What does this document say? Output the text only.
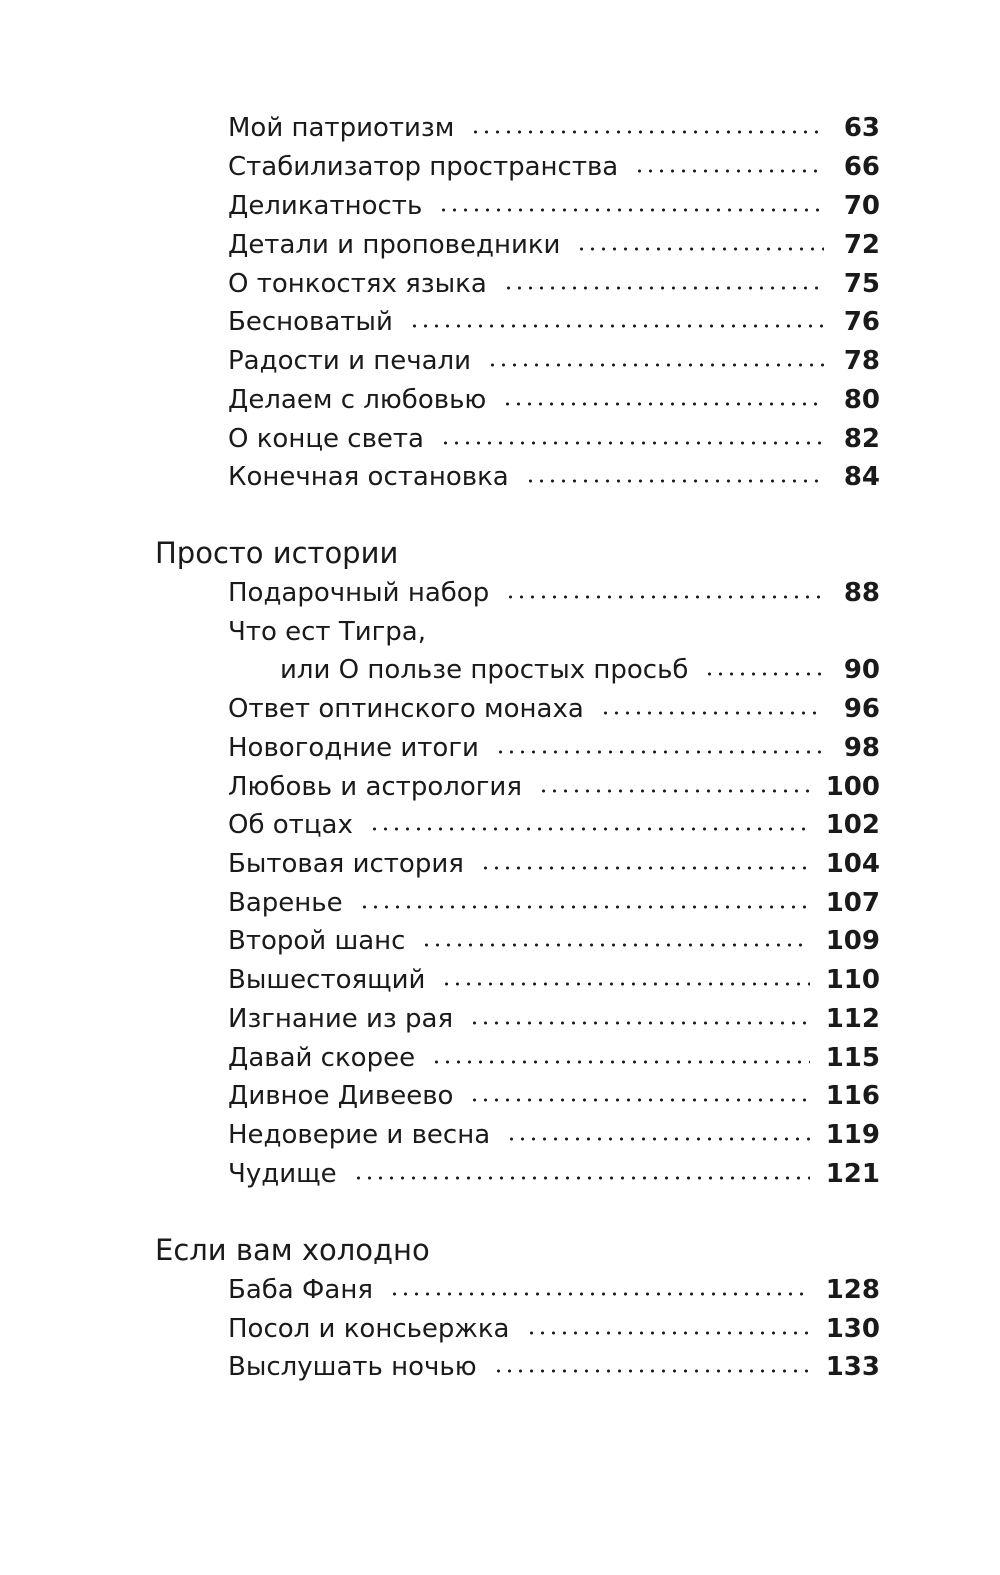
Мой патриотизм	63
Стабилизатор пространства	66
Деликатность	70
Детали и проповедники	72
О тонкостях языка	75
Бесноватый	76
Радости и печали	78
Делаем с любовью	80
О конце света	82
Конечная остановка	84
Просто истории
Подарочный набор	88
Что ест Тигра,
или О пользе простых просьб	90
Ответ оптинского монаха	96
Новогодние итоги	98
Любовь и астрология	100
Об отцах	102
Бытовая история	104
Варенье	107
Второй шанс	109
Вышестоящий	110
Изгнание из рая	112
Давай скорее	115
Дивное Дивеево	116
Недоверие и весна	119
Чудище	121
Если вам холодно
Баба Фаня	128
Посол и консьержка	130
Выслушать ночью	133
